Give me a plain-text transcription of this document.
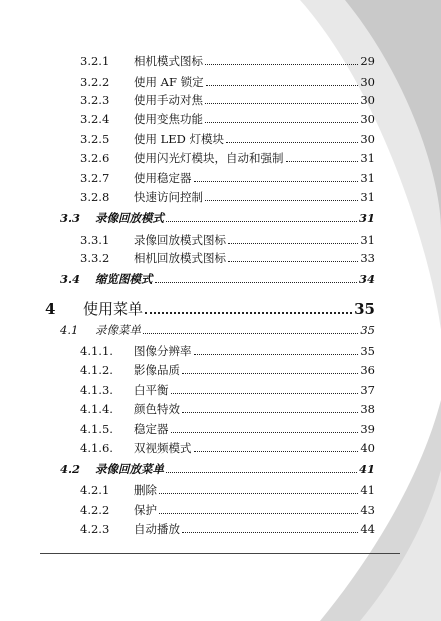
3.2.1	相机模式图标	29
3.2.2	使用 AF 锁定	30
3.2.3	使用手动对焦	30
3.2.4	使用变焦功能	30
3.2.5	使用 LED 灯模块	30
3.2.6	使用闪光灯模块，自动和强制	31
3.2.7	使用稳定器	31
3.2.8	快速访问控制	31
3.3	录像回放模式	31
3.3.1	录像回放模式图标	31
3.3.2	相机回放模式图标	33
3.4	缩览图模式	34
4	使用菜单	35
4.1	录像菜单	35
4.1.1.	图像分辨率	35
4.1.2.	影像品质	36
4.1.3.	白平衡	37
4.1.4.	颜色特效	38
4.1.5.	稳定器	39
4.1.6.	双视频模式	40
4.2	录像回放菜单	41
4.2.1	删除	41
4.2.2	保护	43
4.2.3	自动播放	44
